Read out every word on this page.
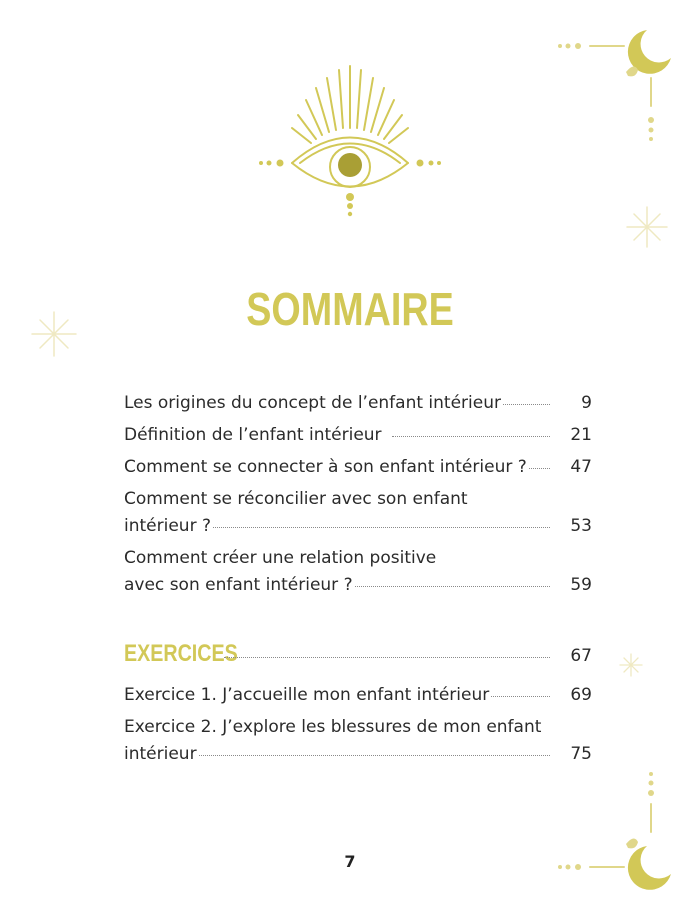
SOMMAIRE
Les origines du concept de l’enfant intérieur	9
Définition de l’enfant intérieur	21
Comment se connecter à son enfant intérieur ?	47
Comment se réconcilier avec son enfant
intérieur ?	53
Comment créer une relation positive
avec son enfant intérieur ?	59
EXERCICES	67
Exercice 1. J’accueille mon enfant intérieur	69
Exercice 2. J’explore les blessures de mon enfant
intérieur	75
7
